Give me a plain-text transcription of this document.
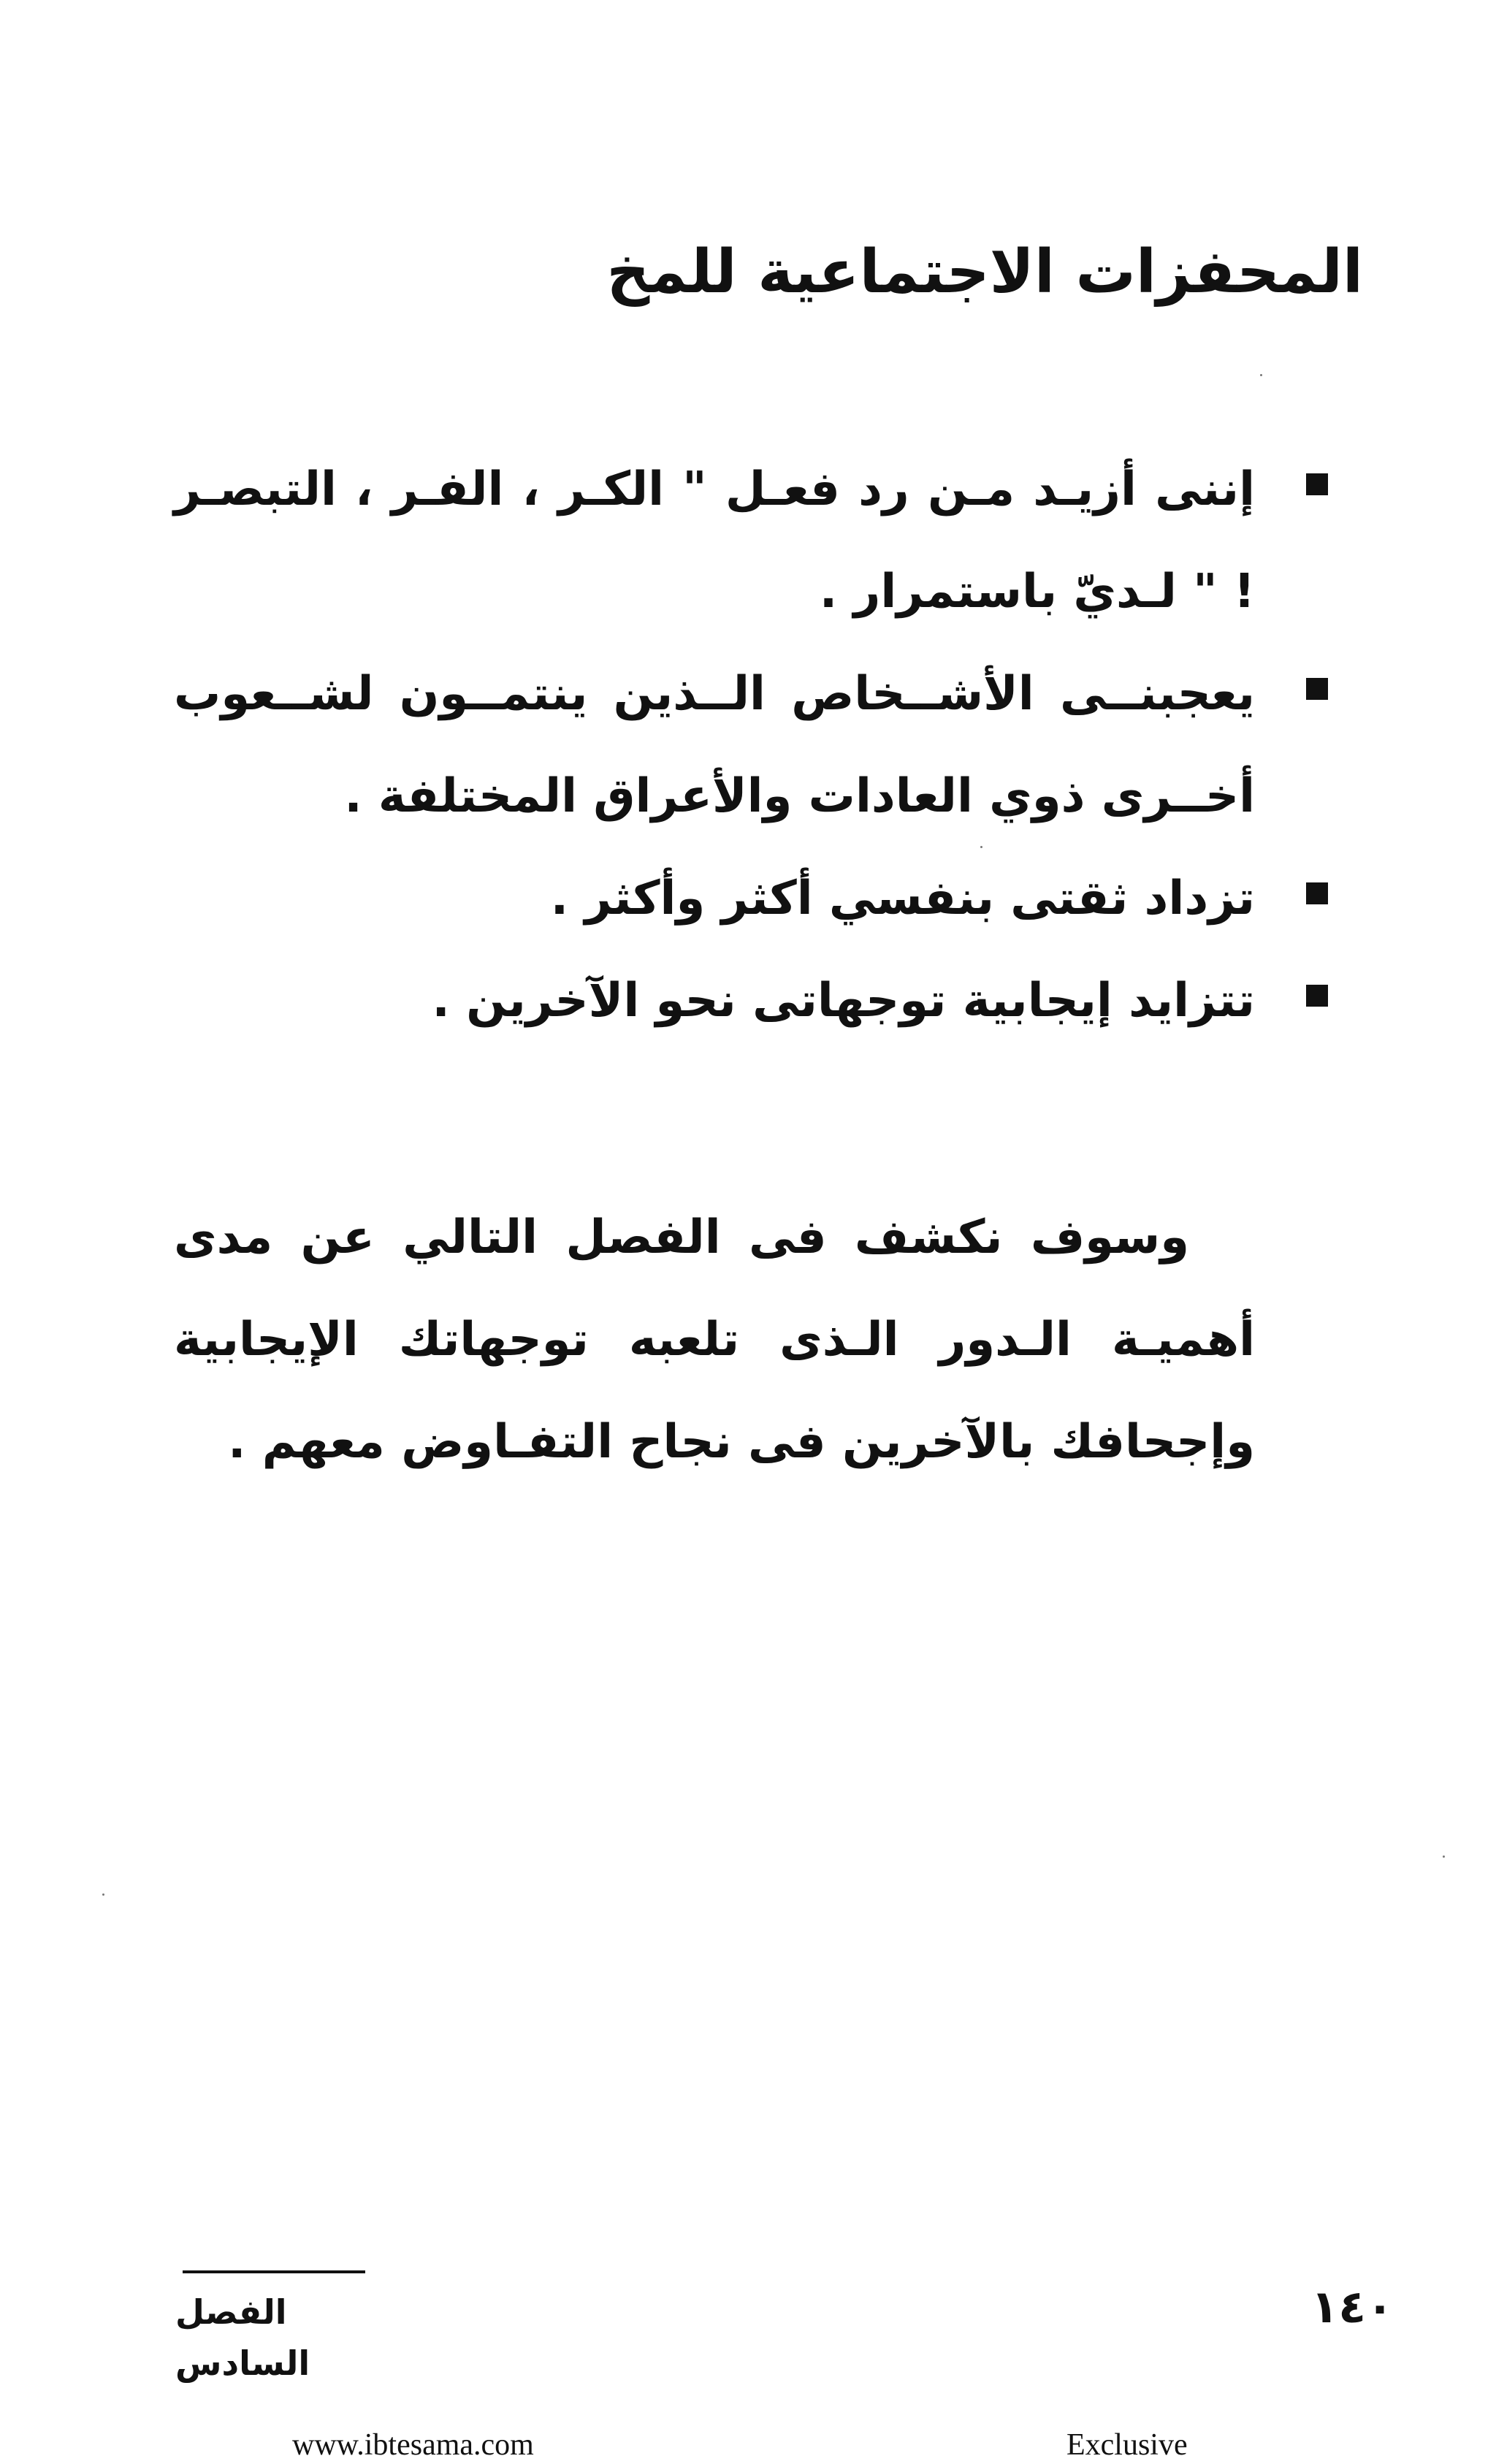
المحفزات الاجتماعية للمخ
إننى أزيـد مـن رد فعـل " الكـر ، الفـر ، التبصـر ! " لـديّ باستمرار .
يعجبنــى الأشــخاص الــذين ينتمــون لشــعوب أخــرى ذوي العادات والأعراق المختلفة .
تزداد ثقتى بنفسي أكثر وأكثر .
تتزايد إيجابية توجهاتى نحو الآخرين .

وسوف نكشف فى الفصل التالي عن مدى أهميـة الـدور الـذى تلعبه توجهاتك الإيجابية وإجحافك بالآخرين فى نجاح التفـاوض معهم .

الفصل السادس
١٤٠
www.ibtesama.com	Exclusive
